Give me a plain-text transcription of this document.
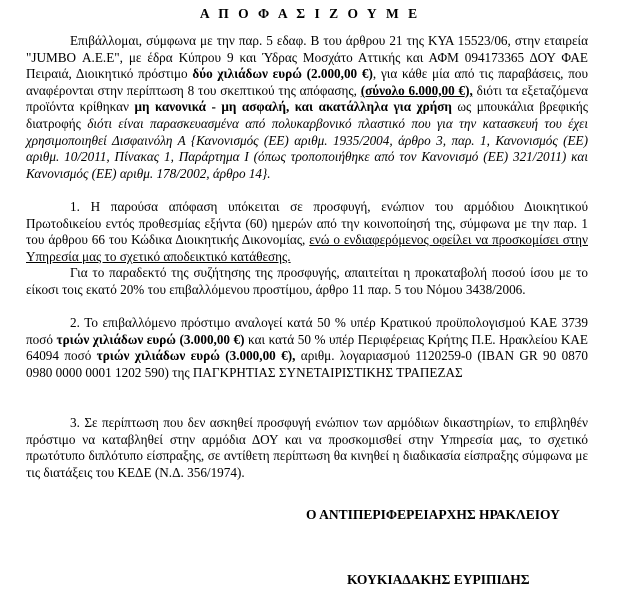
Α Π Ο Φ Α Σ Ι Ζ Ο Υ Μ Ε

Επιβάλλομαι, σύμφωνα με την παρ. 5 εδαφ. Β του άρθρου 21 της ΚΥΑ 15523/06, στην εταιρεία "JUMBO Α.Ε.Ε", με έδρα Κύπρου 9 και Ύδρας Μοσχάτο Αττικής και ΑΦΜ 094173365 ΔΟΥ ΦΑΕ Πειραιά, Διοικητικό πρόστιμο δύο χιλιάδων ευρώ (2.000,00 €), για κάθε μία από τις παραβάσεις, που αναφέρονται στην περίπτωση 8 του σκεπτικού της απόφασης, (σύνολο 6.000,00 €), διότι τα εξεταζόμενα προϊόντα κρίθηκαν μη κανονικά - μη ασφαλή, και ακατάλληλα για χρήση ως μπουκάλια βρεφικής διατροφής διότι είναι παρασκευασμένα από πολυκαρβονικό πλαστικό που για την κατασκευή του έχει χρησιμοποιηθεί Δισφαινόλη Α {Κανονισμός (ΕΕ) αριθμ. 1935/2004, άρθρο 3, παρ. 1, Κανονισμός (ΕΕ) αριθμ. 10/2011, Πίνακας 1, Παράρτημα Ι (όπως τροποποιήθηκε από τον Κανονισμό (ΕΕ) 321/2011) και Κανονισμός (ΕΕ) αριθμ. 178/2002, άρθρο 14}.

1. Η παρούσα απόφαση υπόκειται σε προσφυγή, ενώπιον του αρμόδιου Διοικητικού Πρωτοδικείου εντός προθεσμίας εξήντα (60) ημερών από την κοινοποίησή της, σύμφωνα με την παρ. 1 του άρθρου 66 του Κώδικα Διοικητικής Δικονομίας, ενώ ο ενδιαφερόμενος οφείλει να προσκομίσει στην Υπηρεσία μας το σχετικό αποδεικτικό κατάθεσης.

Για το παραδεκτό της συζήτησης της προσφυγής, απαιτείται η προκαταβολή ποσού ίσου με το είκοσι τοις εκατό 20% του επιβαλλόμενου προστίμου, άρθρο 11 παρ. 5 του Νόμου 3438/2006.

2. Το επιβαλλόμενο πρόστιμο αναλογεί κατά 50 % υπέρ Κρατικού προϋπολογισμού ΚΑΕ 3739 ποσό τριών χιλιάδων ευρώ (3.000,00 €) και κατά 50 % υπέρ Περιφέρειας Κρήτης Π.Ε. Ηρακλείου ΚΑΕ 64094 ποσό τριών χιλιάδων ευρώ (3.000,00 €), αριθμ. λογαριασμού 1120259-0 (IBAN GR 90 0870 0980 0000 0001 1202 590) της ΠΑΓΚΡΗΤΙΑΣ ΣΥΝΕΤΑΙΡΙΣΤΙΚΗΣ ΤΡΑΠΕΖΑΣ

3. Σε περίπτωση που δεν ασκηθεί προσφυγή ενώπιον των αρμόδιων δικαστηρίων, το επιβληθέν πρόστιμο να καταβληθεί στην αρμόδια ΔΟΥ και να προσκομισθεί στην Υπηρεσία μας, το σχετικό πρωτότυπο διπλότυπο είσπραξης, σε αντίθετη περίπτωση θα κινηθεί η διαδικασία είσπραξης σύμφωνα με τις διατάξεις του ΚΕΔΕ (Ν.Δ. 356/1974).

Ο ΑΝΤΙΠΕΡΙΦΕΡΕΙΑΡΧΗΣ ΗΡΑΚΛΕΙΟΥ
ΚΟΥΚΙΑΔΑΚΗΣ ΕΥΡΙΠΙΔΗΣ
